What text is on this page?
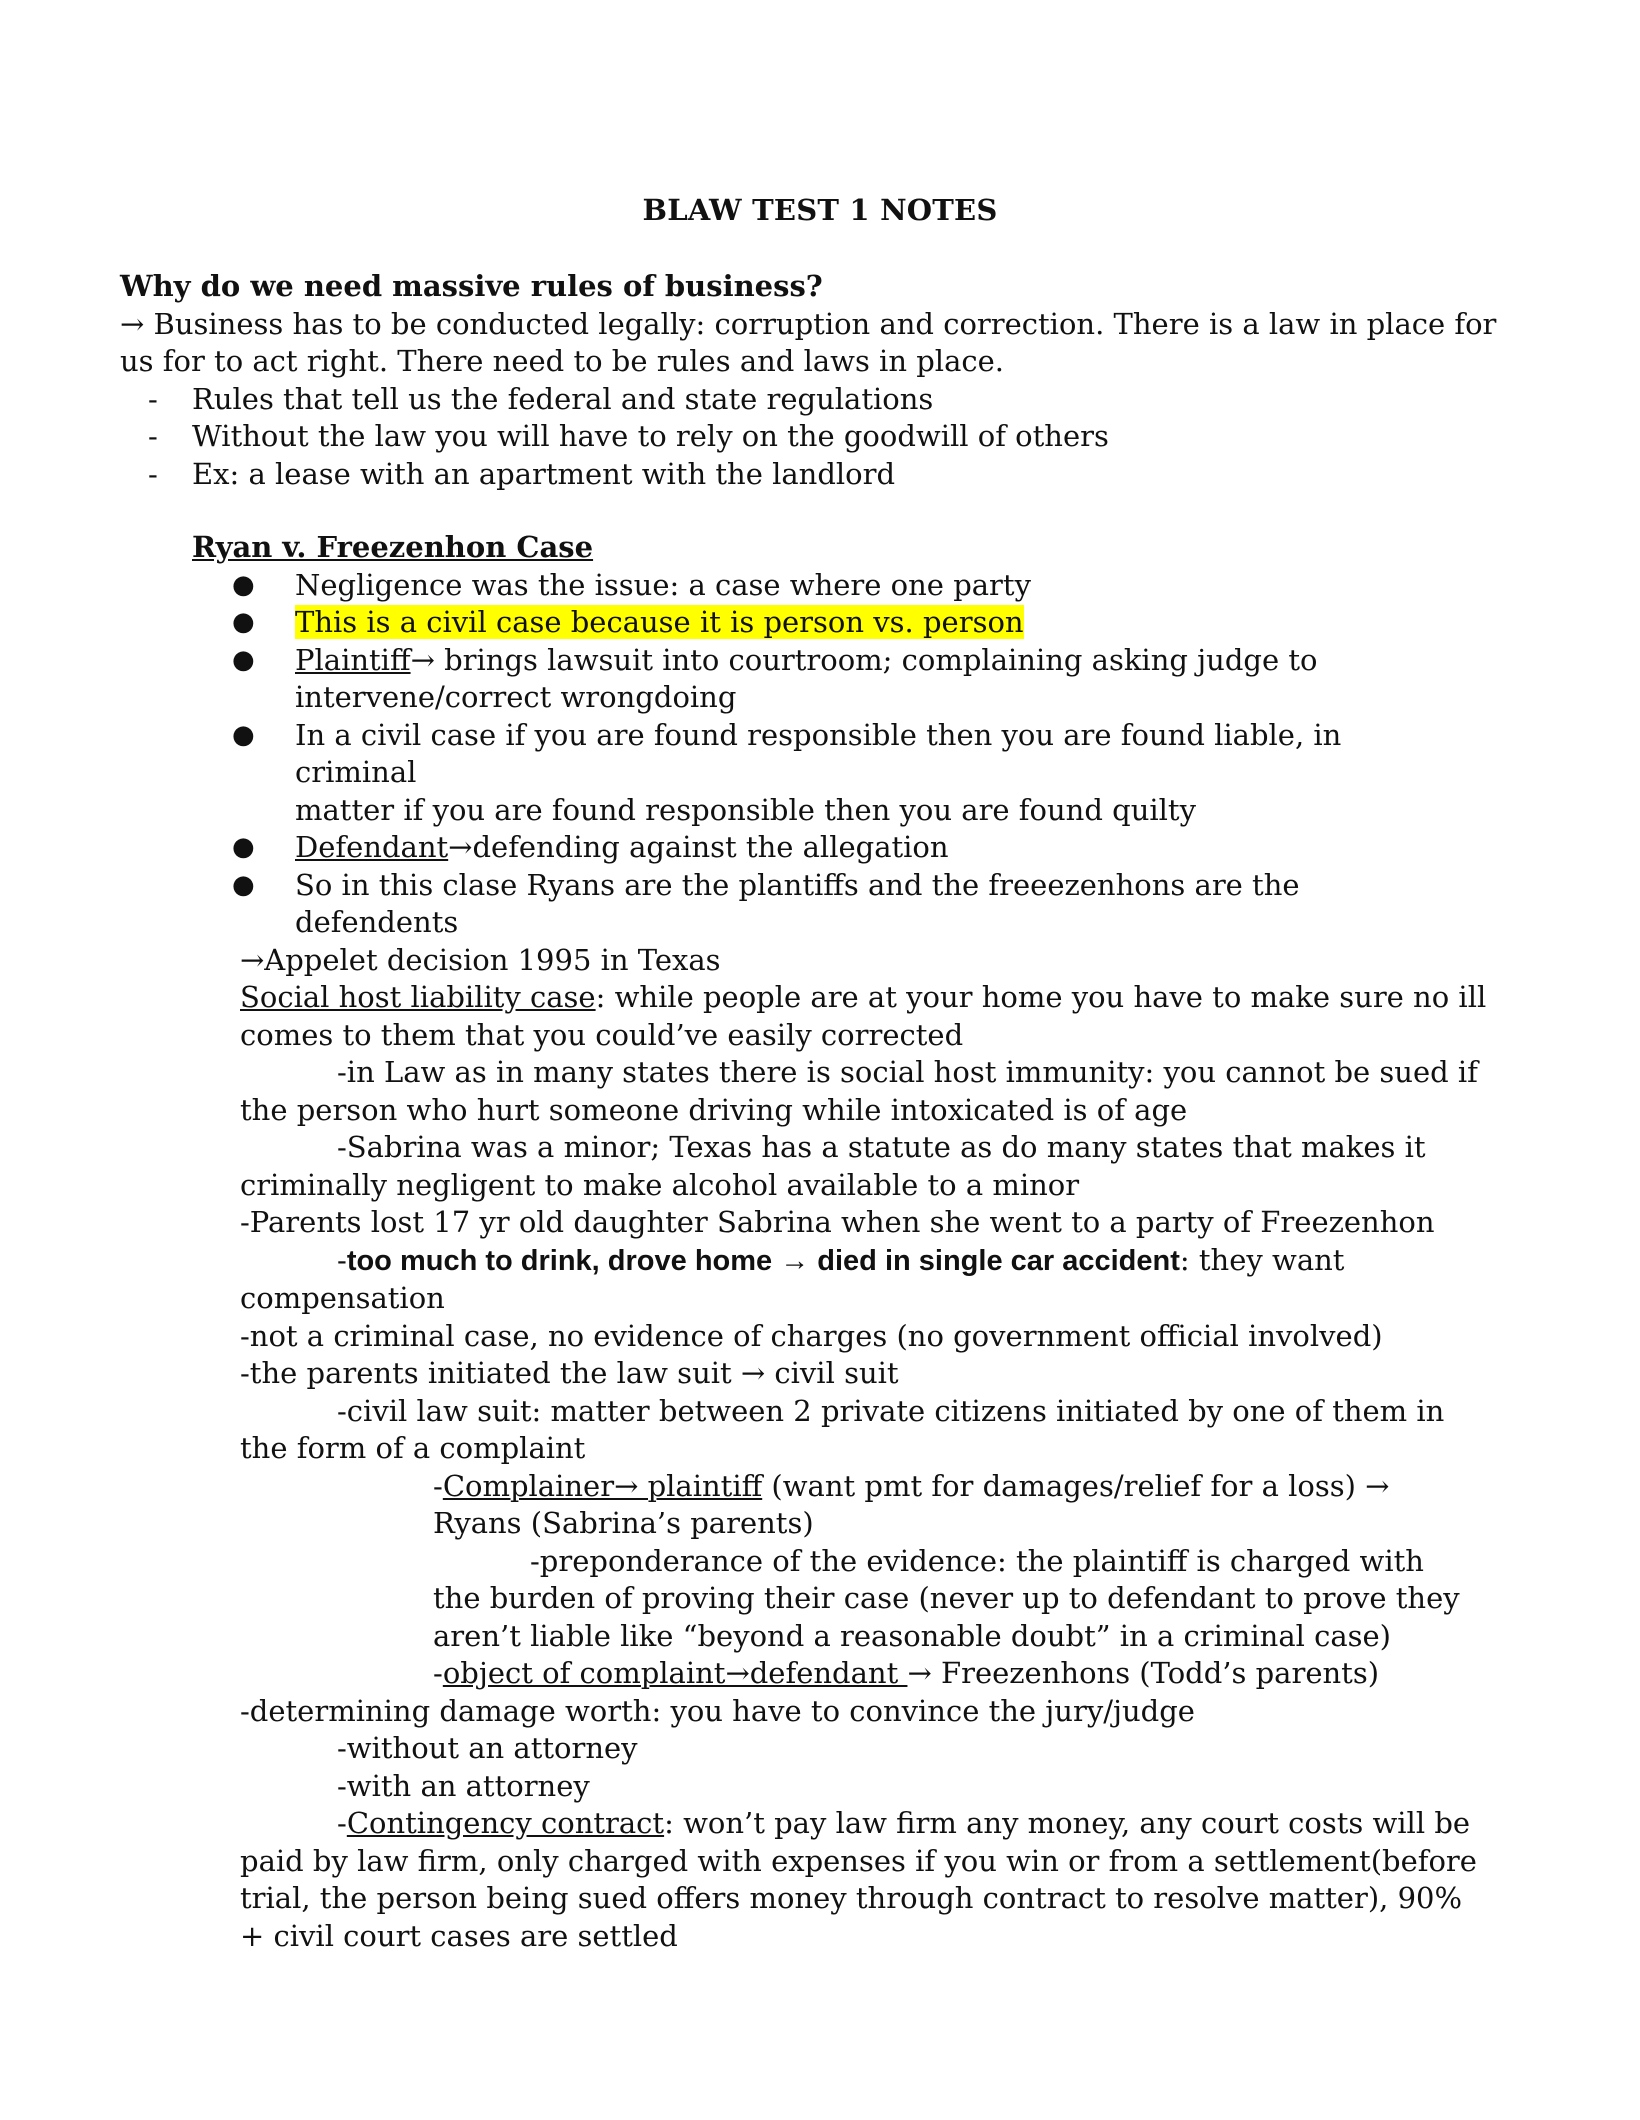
BLAW TEST 1 NOTES
Why do we need massive rules of business?
→ Business has to be conducted legally: corruption and correction. There is a law in place for
us for to act right. There need to be rules and laws in place.
- Rules that tell us the federal and state regulations
- Without the law you will have to rely on the goodwill of others
- Ex: a lease with an apartment with the landlord
Ryan v. Freezenhon Case
● Negligence was the issue: a case where one party
● This is a civil case because it is person vs. person
● Plaintiff→ brings lawsuit into courtroom; complaining asking judge to
intervene/correct wrongdoing
● In a civil case if you are found responsible then you are found liable, in criminal
matter if you are found responsible then you are found quilty
● Defendant→defending against the allegation
● So in this clase Ryans are the plantiffs and the freeezenhons are the defendents
→Appelet decision 1995 in Texas
Social host liability case: while people are at your home you have to make sure no ill
comes to them that you could’ve easily corrected
-in Law as in many states there is social host immunity: you cannot be sued if
the person who hurt someone driving while intoxicated is of age
-Sabrina was a minor; Texas has a statute as do many states that makes it
criminally negligent to make alcohol available to a minor
-Parents lost 17 yr old daughter Sabrina when she went to a party of Freezenhon
-too much to drink, drove home → died in single car accident: they want
compensation
-not a criminal case, no evidence of charges (no government official involved)
-the parents initiated the law suit → civil suit
-civil law suit: matter between 2 private citizens initiated by one of them in
the form of a complaint
-Complainer→ plaintiff (want pmt for damages/relief for a loss) →
Ryans (Sabrina’s parents)
-preponderance of the evidence: the plaintiff is charged with
the burden of proving their case (never up to defendant to prove they
aren’t liable like “beyond a reasonable doubt” in a criminal case)
-object of complaint→defendant → Freezenhons (Todd’s parents)
-determining damage worth: you have to convince the jury/judge
-without an attorney
-with an attorney
-Contingency contract: won’t pay law firm any money, any court costs will be
paid by law firm, only charged with expenses if you win or from a settlement(before
trial, the person being sued offers money through contract to resolve matter), 90%
+ civil court cases are settled
